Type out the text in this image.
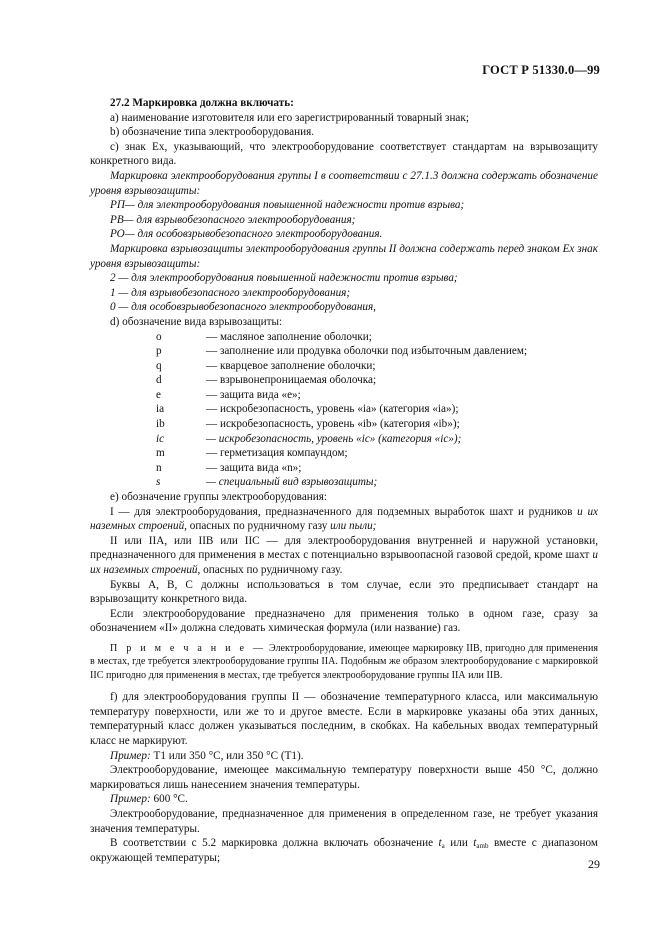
ГОСТ Р 51330.0—99

27.2 Маркировка должна включать:

а) наименование изготовителя или его зарегистрированный товарный знак;

b) обозначение типа электрооборудования.

с) знак Ех, указывающий, что электрооборудование соответствует стандартам на взрывозащиту конкретного вида.

Маркировка электрооборудования группы I в соответствии с 27.1.3 должна содержать обозначение уровня взрывозащиты:

РП— для электрооборудования повышенной надежности против взрыва;

РВ— для взрывобезопасного электрооборудования;

РО— для особовзрывобезопасного электрооборудования.

Маркировка взрывозащиты электрооборудования группы II должна содержать перед знаком Ех знак уровня взрывозащиты:

2 — для электрооборудования повышенной надежности против взрыва;

1 — для взрывобезопасного электрооборудования;

0 — для особовзрывобезопасного электрооборудования,

d) обозначение вида взрывозащиты:

o	— масляное заполнение оболочки;
p	— заполнение или продувка оболочки под избыточным давлением;
q	— кварцевое заполнение оболочки;
d	— взрывонепроницаемая оболочка;
e	— защита вида «е»;
ia	— искробезопасность, уровень «ia» (категория «ia»);
ib	— искробезопасность, уровень «ib» (категория «ib»);
ic	— искробезопасность, уровень «ic» (категория «ic»);
m	— герметизация компаундом;
n	— защита вида «n»;
s	— специальный вид взрывозащиты;

е) обозначение группы электрооборудования:

I — для электрооборудования, предназначенного для подземных выработок шахт и рудников и их наземных строений, опасных по рудничному газу или пыли;

II или IIА, или IIВ или IIС — для электрооборудования внутренней и наружной установки, предназначенного для применения в местах с потенциально взрывоопасной газовой средой, кроме шахт и их наземных строений, опасных по рудничному газу.

Буквы А, В, С должны использоваться в том случае, если это предписывает стандарт на взрывозащиту конкретного вида.

Если электрооборудование предназначено для применения только в одном газе, сразу за обозначением «II» должна следовать химическая формула (или название) газ.

П р и м е ч а н и е — Электрооборудование, имеющее маркировку IIВ, пригодно для применения в местах, где требуется электрооборудование группы IIА. Подобным же образом электрооборудование с маркировкой IIС пригодно для применения в местах, где требуется электрооборудование группы IIА или IIВ.

f) для электрооборудования группы II — обозначение температурного класса, или максимальную температуру поверхности, или же то и другое вместе. Если в маркировке указаны оба этих данных, температурный класс должен указываться последним, в скобках. На кабельных вводах температурный класс не маркируют.

Пример: Т1 или 350 °С, или 350 °С (Т1).

Электрооборудование, имеющее максимальную температуру поверхности выше 450 °С, должно маркироваться лишь нанесением значения температуры.

Пример: 600 °С.

Электрооборудование, предназначенное для применения в определенном газе, не требует указания значения температуры.

В соответствии с 5.2 маркировка должна включать обозначение $t_a$ или $t_{amb}$ вместе с диапазоном окружающей температуры;	29
